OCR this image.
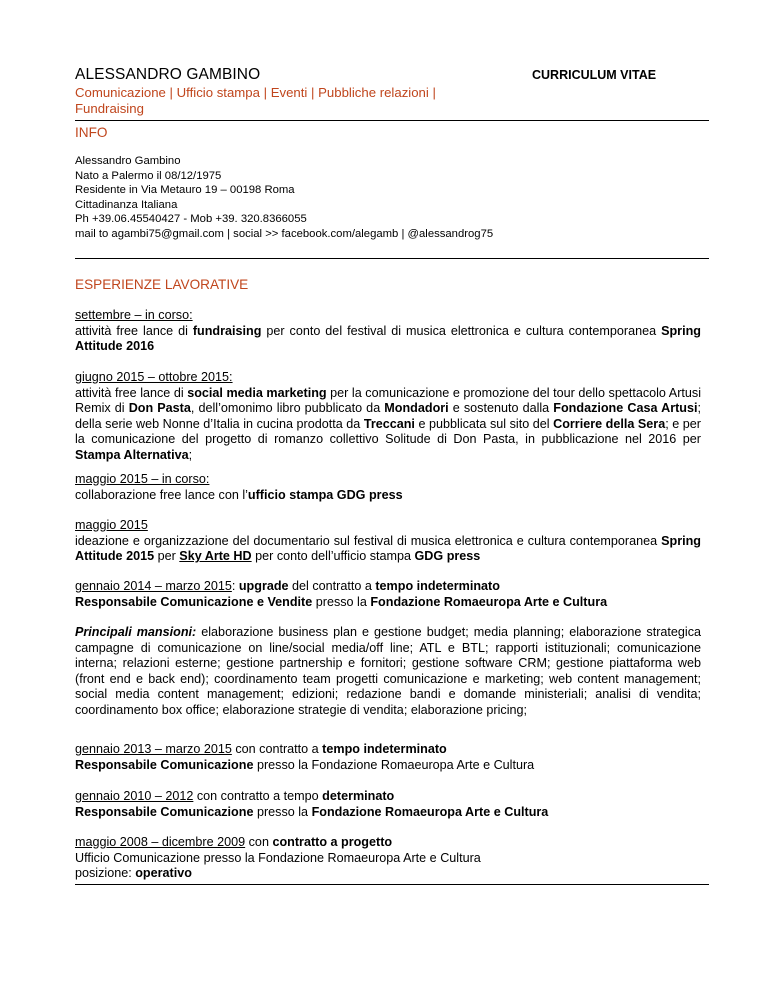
ALESSANDRO GAMBINO	CURRICULUM VITAE
Comunicazione | Ufficio stampa | Eventi | Pubbliche relazioni |
Fundraising
INFO
Alessandro Gambino
Nato a Palermo il 08/12/1975
Residente in Via Metauro 19 – 00198 Roma
Cittadinanza Italiana
Ph +39.06.45540427 - Mob +39. 320.8366055
mail to agambi75@gmail.com | social >> facebook.com/alegamb | @alessandrog75
ESPERIENZE LAVORATIVE
settembre – in corso:
attività free lance di fundraising per conto del festival di musica elettronica e cultura contemporanea Spring Attitude 2016
giugno 2015 – ottobre 2015:
attività free lance di social media marketing per la comunicazione e promozione del tour dello spettacolo Artusi Remix di Don Pasta, dell’omonimo libro pubblicato da Mondadori e sostenuto dalla Fondazione Casa Artusi; della serie web Nonne d’Italia in cucina prodotta da Treccani e pubblicata sul sito del Corriere della Sera; e per la comunicazione del progetto di romanzo collettivo Solitude di Don Pasta, in pubblicazione nel 2016 per Stampa Alternativa;
maggio 2015 – in corso:
collaborazione free lance con l’ufficio stampa GDG press
maggio 2015
ideazione e organizzazione del documentario sul festival di musica elettronica e cultura contemporanea Spring Attitude 2015 per Sky Arte HD per conto dell’ufficio stampa GDG press
gennaio 2014 – marzo 2015: upgrade del contratto a tempo indeterminato
Responsabile Comunicazione e Vendite presso la Fondazione Romaeuropa Arte e Cultura
Principali mansioni: elaborazione business plan e gestione budget; media planning; elaborazione strategica campagne di comunicazione on line/social media/off line; ATL e BTL; rapporti istituzionali; comunicazione interna; relazioni esterne; gestione partnership e fornitori; gestione software CRM; gestione piattaforma web (front end e back end); coordinamento team progetti comunicazione e marketing; web content management; social media content management; edizioni; redazione bandi e domande ministeriali; analisi di vendita; coordinamento box office; elaborazione strategie di vendita; elaborazione pricing;
gennaio 2013 – marzo 2015 con contratto a tempo indeterminato
Responsabile Comunicazione presso la Fondazione Romaeuropa Arte e Cultura
gennaio 2010 – 2012 con contratto a tempo determinato
Responsabile Comunicazione presso la Fondazione Romaeuropa Arte e Cultura
maggio 2008 – dicembre 2009 con contratto a progetto
Ufficio Comunicazione presso la Fondazione Romaeuropa Arte e Cultura
posizione: operativo
